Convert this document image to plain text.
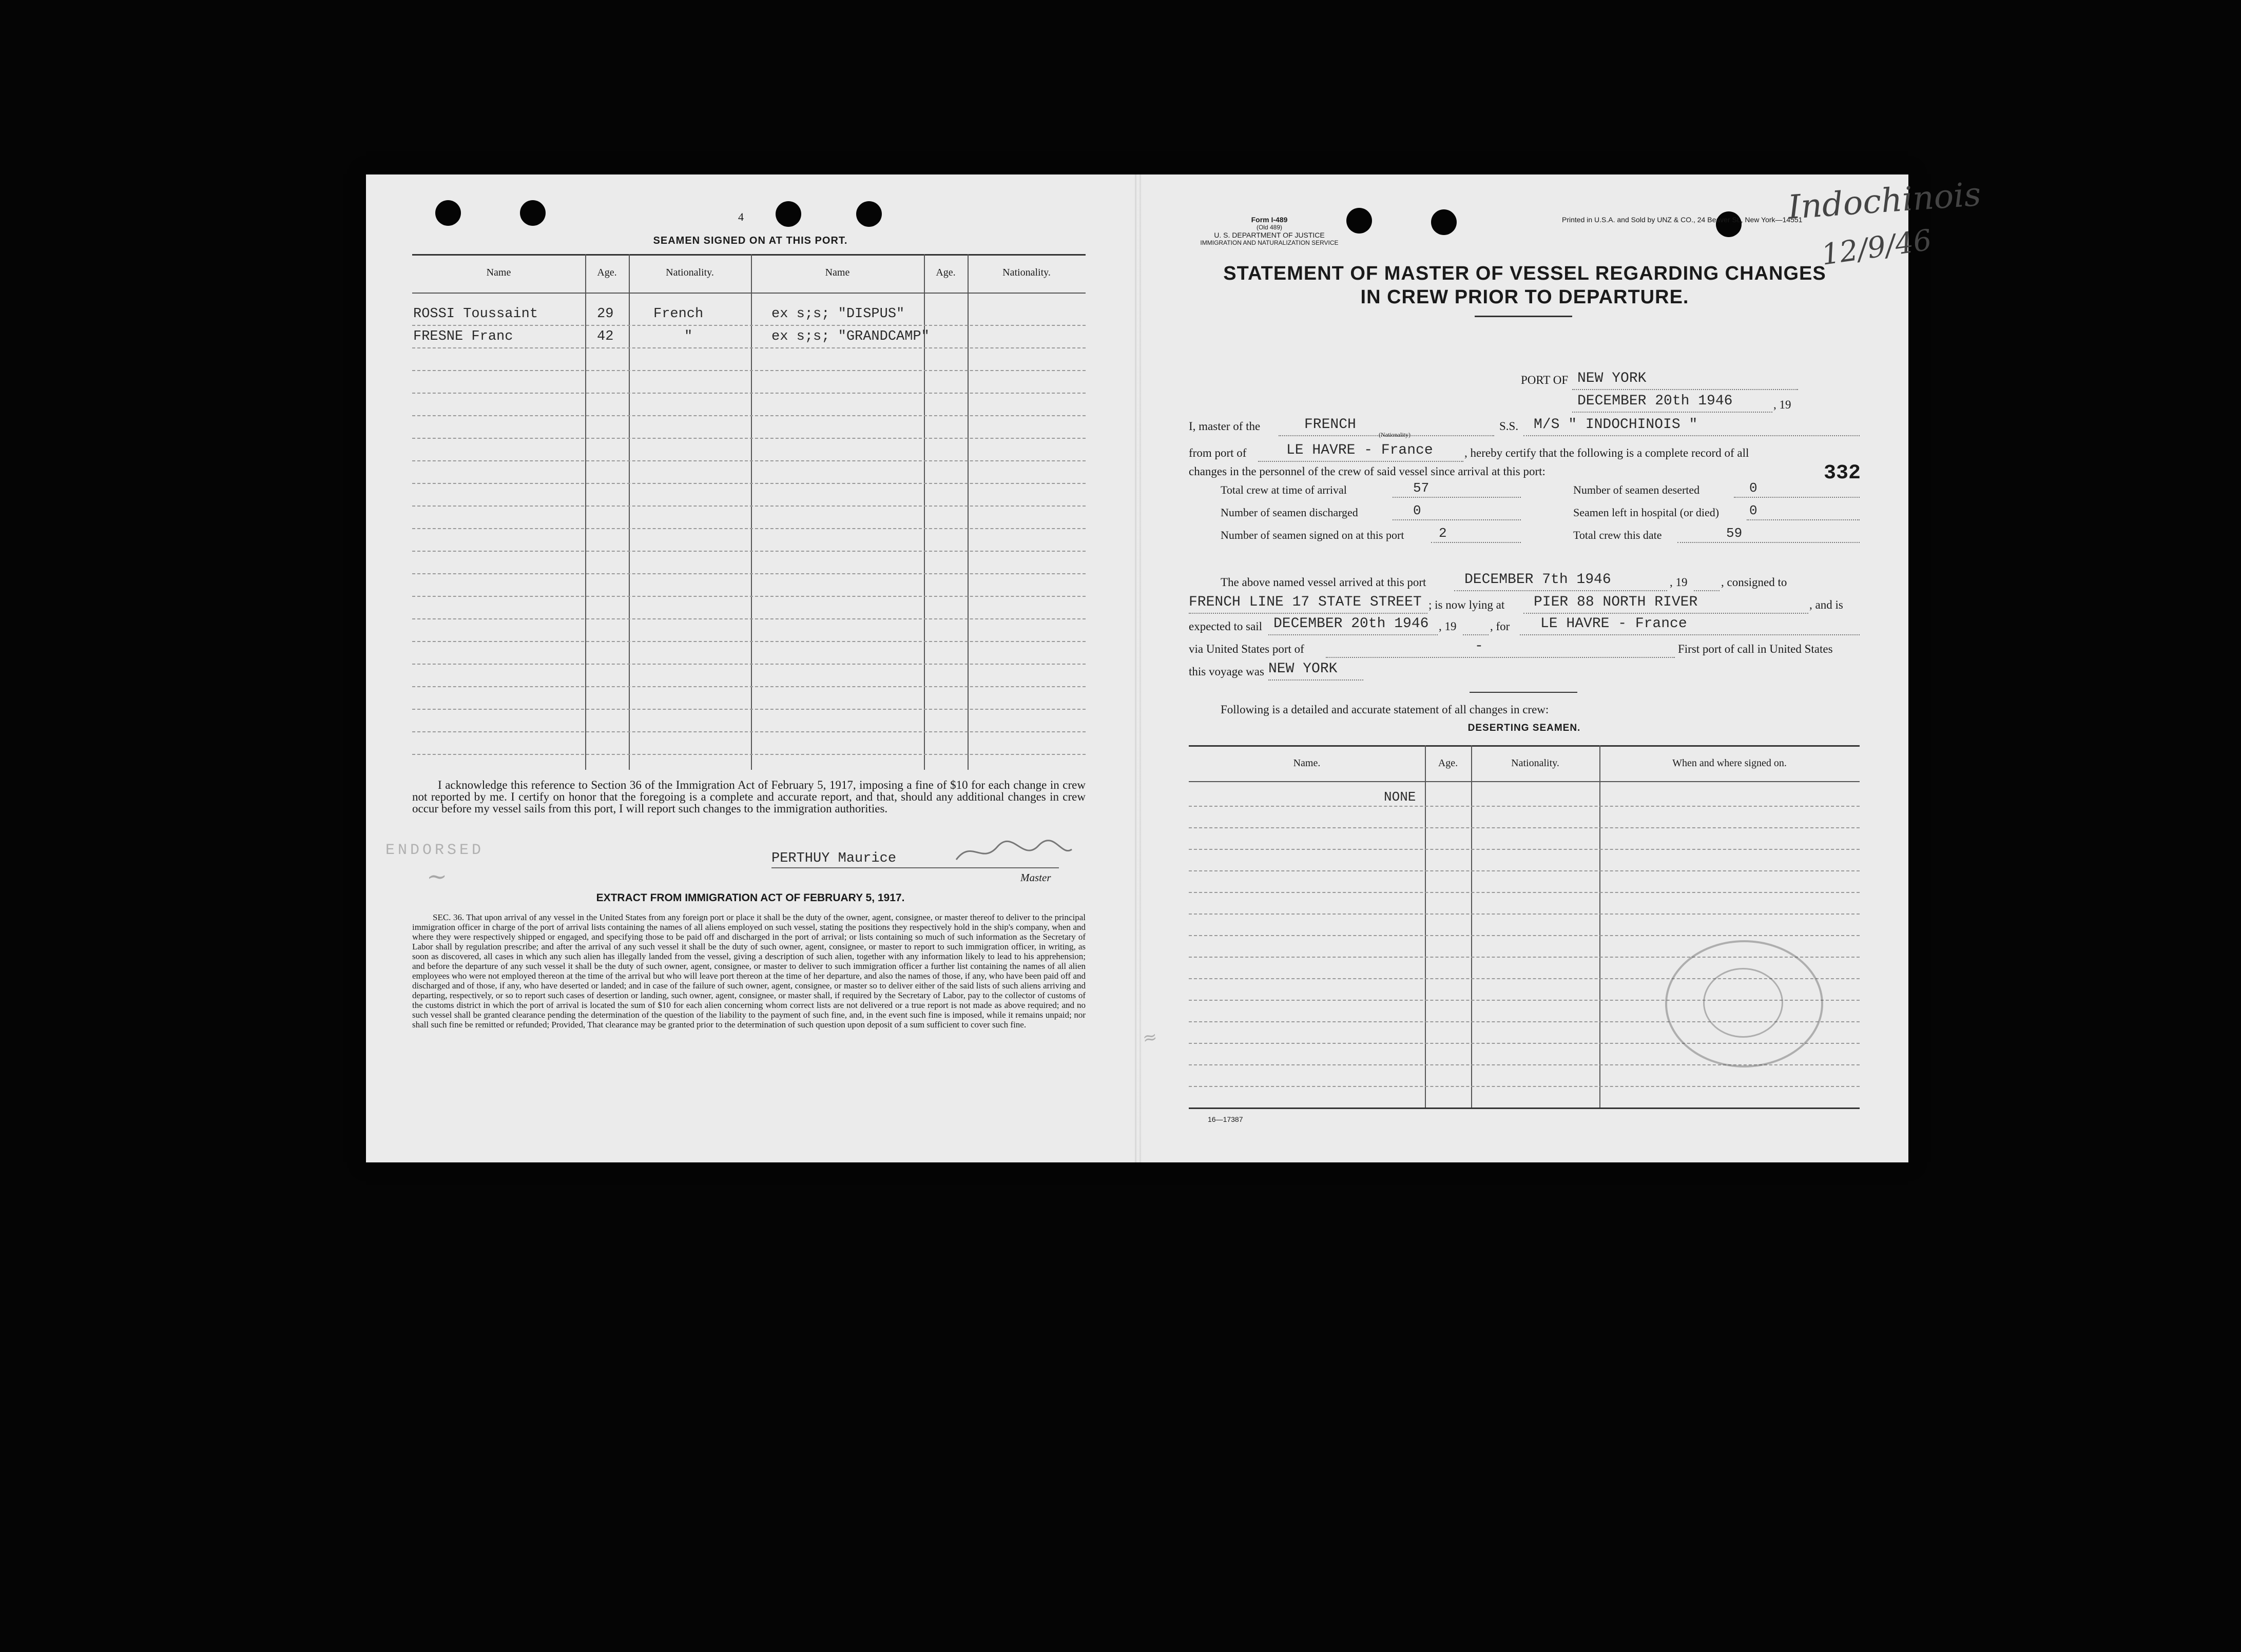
4
SEAMEN SIGNED ON AT THIS PORT.
Name	Age.	Nationality.	Name	Age.	Nationality.
ROSSI Toussaint	29	French	ex s;s; "DISPUS"
FRESNE Franc	42	"	ex s;s; "GRANDCAMP"
I acknowledge this reference to Section 36 of the Immigration Act of February 5, 1917, imposing a fine of $10 for each change in crew not reported by me. I certify on honor that the foregoing is a complete and accurate report, and that, should any additional changes in crew occur before my vessel sails from this port, I will report such changes to the immigration authorities.
ENDORSED
~
PERTHUY Maurice
Master
EXTRACT FROM IMMIGRATION ACT OF FEBRUARY 5, 1917.
SEC. 36. That upon arrival of any vessel in the United States from any foreign port or place it shall be the duty of the owner, agent, consignee, or master thereof to deliver to the principal immigration officer in charge of the port of arrival lists containing the names of all aliens employed on such vessel, stating the positions they respectively hold in the ship's company, when and where they were respectively shipped or engaged, and specifying those to be paid off and discharged in the port of arrival; or lists containing so much of such information as the Secretary of Labor shall by regulation prescribe; and after the arrival of any such vessel it shall be the duty of such owner, agent, consignee, or master to report to such immigration officer, in writing, as soon as discovered, all cases in which any such alien has illegally landed from the vessel, giving a description of such alien, together with any information likely to lead to his apprehension; and before the departure of any such vessel it shall be the duty of such owner, agent, consignee, or master to deliver to such immigration officer a further list containing the names of all alien employees who were not employed thereon at the time of the arrival but who will leave port thereon at the time of her departure, and also the names of those, if any, who have been paid off and discharged and of those, if any, who have deserted or landed; and in case of the failure of such owner, agent, consignee, or master so to deliver either of the said lists of such aliens arriving and departing, respectively, or so to report such cases of desertion or landing, such owner, agent, consignee, or master shall, if required by the Secretary of Labor, pay to the collector of customs of the customs district in which the port of arrival is located the sum of $10 for each alien concerning whom correct lists are not delivered or a true report is not made as above required; and no such vessel shall be granted clearance pending the determination of the question of the liability to the payment of such fine, and, in the event such fine is imposed, while it remains unpaid; nor shall such fine be remitted or refunded; Provided, That clearance may be granted prior to the determination of such question upon deposit of a sum sufficient to cover such fine.
Form I-489
(Old 489)
U. S. DEPARTMENT OF JUSTICE
IMMIGRATION AND NATURALIZATION SERVICE
Printed in U.S.A. and Sold by UNZ & CO., 24 Beaver St., New York—14551
Indochinois
12/9/46
STATEMENT OF MASTER OF VESSEL REGARDING CHANGES
IN CREW PRIOR TO DEPARTURE.
PORT OF NEW YORK
DECEMBER 20th 1946	, 19
I, master of the	FRENCH
(Nationality)
S.S. M/S " INDOCHINOIS "
from port of	LE HAVRE - France	, hereby certify that the following is a complete record of all
changes in the personnel of the crew of said vessel since arrival at this port:	332
Total crew at time of arrival	57	Number of seamen deserted	0
Number of seamen discharged	0	Seamen left in hospital (or died) 0
Number of seamen signed on at this port	2	Total crew this date	59
The above named vessel arrived at this port	DECEMBER 7th 1946	, 19	, consigned to
FRENCH LINE 17 STATE STREET ; is now lying at PIER 88 NORTH RIVER	, and is
expected to sail DECEMBER 20th 1946 , 19	, for LE HAVRE - France
via United States port of	-	First port of call in United States
this voyage was NEW YORK
Following is a detailed and accurate statement of all changes in crew:
DESERTING SEAMEN.
Name.	Age.	Nationality.	When and where signed on.
NONE
≈
16—17387
